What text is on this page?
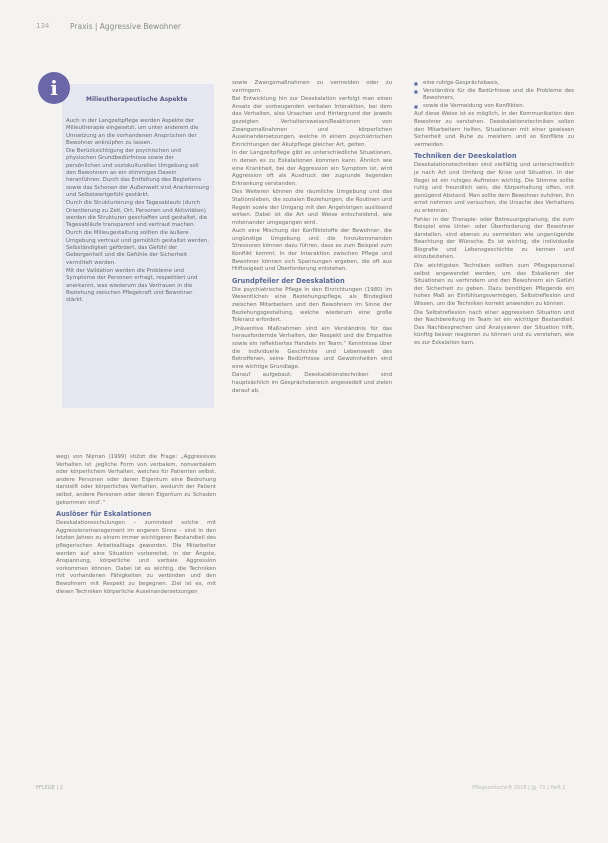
134	Praxis | Aggressive Bewohner
i	Milieutherapeutische Aspekte

Auch in der Langzeitpflege werden Aspekte der Milieutherapie eingesetzt, um unter anderem die Umsetzung an die vorhandenen Ansprüchen der Bewohner anknüpfen zu lassen.

Die Berücksichtigung der psychischen und physischen Grundbedürfnisse sowie der persönlichen und soziokulturellen Umgebung soll den Bewohnern an ein stimmiges Dasein heranführen. Durch das Entfaltung des Begleitens sowie das Schonen der Außenwelt sind Anerkennung und Selbstwertgefühl gestärkt.

Durch die Strukturierung des Tagesablaufs (durch Orientierung zu Zeit, Ort, Personen und Aktivitäten) werden die Strukturen geschaffen und gestaltet, die Tagesabläufe transparent und vertraut machen.

Durch die Milieugestaltung sollten die äußere Umgebung vertraut und gemütlich gestaltet werden, Selbständigkeit gefördert, das Gefühl der Geborgenheit und die Gefühle der Sicherheit vermittelt werden.

Mit der Validation werden die Probleme und Symptome der Personen erfragt, respektiert und anerkannt, was wiederum das Vertrauen in die Beziehung zwischen Pflegekraft und Bewohner stärkt.

weg) von Nijman (1999) stützt die Frage: „Aggressives Verhalten ist ‚jegliche Form von verbalem, nonverbalem oder körperlichem Verhalten, welches für Patienten selbst, andere Personen oder deren Eigentum eine Bedrohung darstellt oder körperliches Verhalten, wodurch der Patient selbst, andere Personen oder deren Eigentum zu Schaden gekommen sind‘.“

Auslöser für Eskalationen

Deeskalationsschulungen – zumindest solche mit Aggressionsmanagement im engeren Sinne – sind in den letzten Jahren zu einem immer wichtigeren Bestandteil des pflegerischen Arbeitsalltags geworden. Die Mitarbeiter werden auf eine Situation vorbereitet, in der Ängste, Anspannung, körperliche und verbale Aggression vorkommen können. Dabei ist es wichtig, die Techniken mit vorhandenen Fähigkeiten zu verbinden und den Bewohnern mit Respekt zu begegnen. Ziel ist es, mit diesen Techniken körperliche Auseinandersetzungen

sowie Zwangsmaßnahmen zu vermeiden oder zu verringern.

Bei Entwicklung hin zur Deeskalation verfolgt man einen Ansatz der vorbeugenden verbalen Interaktion, bei dem das Verhalten, also Ursachen und Hintergrund der jeweils gezeigten Verhaltensweisen/Reaktionen von Zwangsmaßnahmen und körperlichen Auseinandersetzungen, welche in einem psychiatrischen Einrichtungen der Akutpflege gleicher Art, gelten.

In der Langzeitpflege gibt es unterschiedliche Situationen, in denen es zu Eskalationen kommen kann. Ähnlich wie eine Krankheit, bei der Aggression ein Symptom ist, wird Aggression oft als Ausdruck der zugrunde liegenden Erkrankung verstanden.

Des Weiteren können die räumliche Umgebung und das Stationsleben, die sozialen Beziehungen, die Routinen und Regeln sowie der Umgang mit den Angehörigen auslösend wirken. Dabei ist die Art und Weise entscheidend, wie miteinander umgegangen wird.

Auch eine Mischung der Konfliktstoffe der Bewohner, die ungünstige Umgebung und die hinzukommenden Stressoren können dazu führen, dass es zum Beispiel zum Konflikt kommt. In der Interaktion zwischen Pflege und Bewohner können sich Spannungen ergeben, die oft aus Hilflosigkeit und Überforderung entstehen.

Grundpfeiler der Deeskalation

Die psychiatrische Pflege in den Einrichtungen (1980) im Wesentlichen eine Beziehungspflege, als Bindeglied zwischen Mitarbeitern und den Bewohnern im Sinne der Beziehungsgestaltung, welche wiederum eine große Toleranz erfordert.

„Präventive Maßnahmen sind ein Verständnis für das herausfordernde Verhalten, der Respekt und die Empathie sowie ein reflektiertes Handeln im Team.“ Kenntnisse über die individuelle Geschichte und Lebenswelt des Betroffenen, seine Bedürfnisse und Gewohnheiten sind eine wichtige Grundlage.

Darauf aufgebaut, Deeskalationstechniken sind hauptsächlich im Gesprächsbereich angesiedelt und zielen darauf ab,

■ eine ruhige Gesprächsbasis,
■ Verständnis für die Bedürfnisse und die Probleme des Bewohners,
■ sowie die Vermeidung von Konflikten.

Auf diese Weise ist es möglich, in der Kommunikation den Bewohner zu verstehen. Deeskalationstechniken sollen den Mitarbeitern helfen, Situationen mit einer gewissen Sicherheit und Ruhe zu meistern und so Konflikte zu vermeiden.

Techniken der Deeskalation

Deeskalationstechniken sind vielfältig und unterschiedlich je nach Art und Umfang der Krise und Situation. In der Regel ist ein ruhiges Auftreten wichtig. Die Stimme sollte ruhig und freundlich sein, die Körperhaltung offen, mit genügend Abstand. Man sollte dem Bewohner zuhören, ihn ernst nehmen und versuchen, die Ursache des Verhaltens zu erkennen.

Fehler in der Therapie- oder Betreuungsplanung, die zum Beispiel eine Unter- oder Überforderung der Bewohner darstellen, sind ebenso zu vermeiden wie ungenügende Beachtung der Wünsche. Es ist wichtig, die individuelle Biografie und Lebensgeschichte zu kennen und einzubeziehen.

Die wichtigsten Techniken sollten zum Pflegepersonal selbst angewendet werden, um das Eskalieren der Situationen zu verhindern und den Bewohnern ein Gefühl der Sicherheit zu geben. Dazu benötigen Pflegende ein hohes Maß an Einfühlungsvermögen, Selbstreflexion und Wissen, um die Techniken korrekt anwenden zu können.

Die Selbstreflexion nach einer aggressiven Situation und der Nachbereitung im Team ist ein wichtiger Bestandteil. Das Nachbesprechen und Analysieren der Situation hilft, künftig besser reagieren zu können und zu verstehen, wie es zur Eskalation kam.

PFLEGE | 2	Pflegezeitschrift 2018 | Jg. 71 | Heft 2
